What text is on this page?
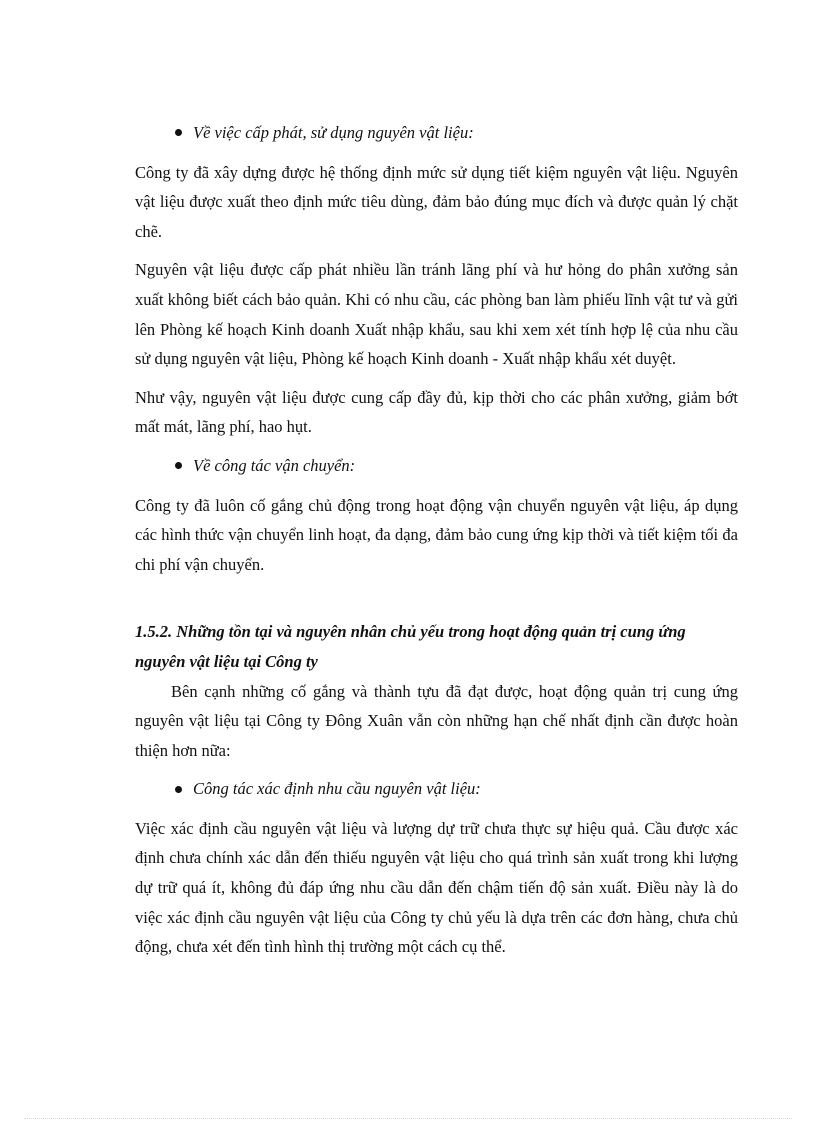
Về việc cấp phát, sử dụng nguyên vật liệu:

Công ty đã xây dựng được hệ thống định mức sử dụng tiết kiệm nguyên vật liệu. Nguyên vật liệu được xuất theo định mức tiêu dùng, đảm bảo đúng mục đích và được quản lý chặt chẽ.

Nguyên vật liệu được cấp phát nhiều lần tránh lãng phí và hư hỏng do phân xưởng sản xuất không biết cách bảo quản. Khi có nhu cầu, các phòng ban làm phiếu lĩnh vật tư và gửi lên Phòng kế hoạch Kinh doanh Xuất nhập khẩu, sau khi xem xét tính hợp lệ của nhu cầu sử dụng nguyên vật liệu, Phòng kế hoạch Kinh doanh - Xuất nhập khẩu xét duyệt.

Như vậy, nguyên vật liệu được cung cấp đầy đủ, kịp thời cho các phân xưởng, giảm bớt mất mát, lãng phí, hao hụt.

Về công tác vận chuyển:

Công ty đã luôn cố gắng chủ động trong hoạt động vận chuyển nguyên vật liệu, áp dụng các hình thức vận chuyển linh hoạt, đa dạng, đảm bảo cung ứng kịp thời và tiết kiệm tối đa chi phí vận chuyển.

1.5.2. Những tồn tại và nguyên nhân chủ yếu trong hoạt động quản trị cung ứng nguyên vật liệu tại Công ty

Bên cạnh những cố gắng và thành tựu đã đạt được, hoạt động quản trị cung ứng nguyên vật liệu tại Công ty Đông Xuân vẫn còn những hạn chế nhất định cần được hoàn thiện hơn nữa:

Công tác xác định nhu cầu nguyên vật liệu:

Việc xác định cầu nguyên vật liệu và lượng dự trữ chưa thực sự hiệu quả. Cầu được xác định chưa chính xác dẫn đến thiếu nguyên vật liệu cho quá trình sản xuất trong khi lượng dự trữ quá ít, không đủ đáp ứng nhu cầu dẫn đến chậm tiến độ sản xuất. Điều này là do việc xác định cầu nguyên vật liệu của Công ty chủ yếu là dựa trên các đơn hàng, chưa chủ động, chưa xét đến tình hình thị trường một cách cụ thể.
